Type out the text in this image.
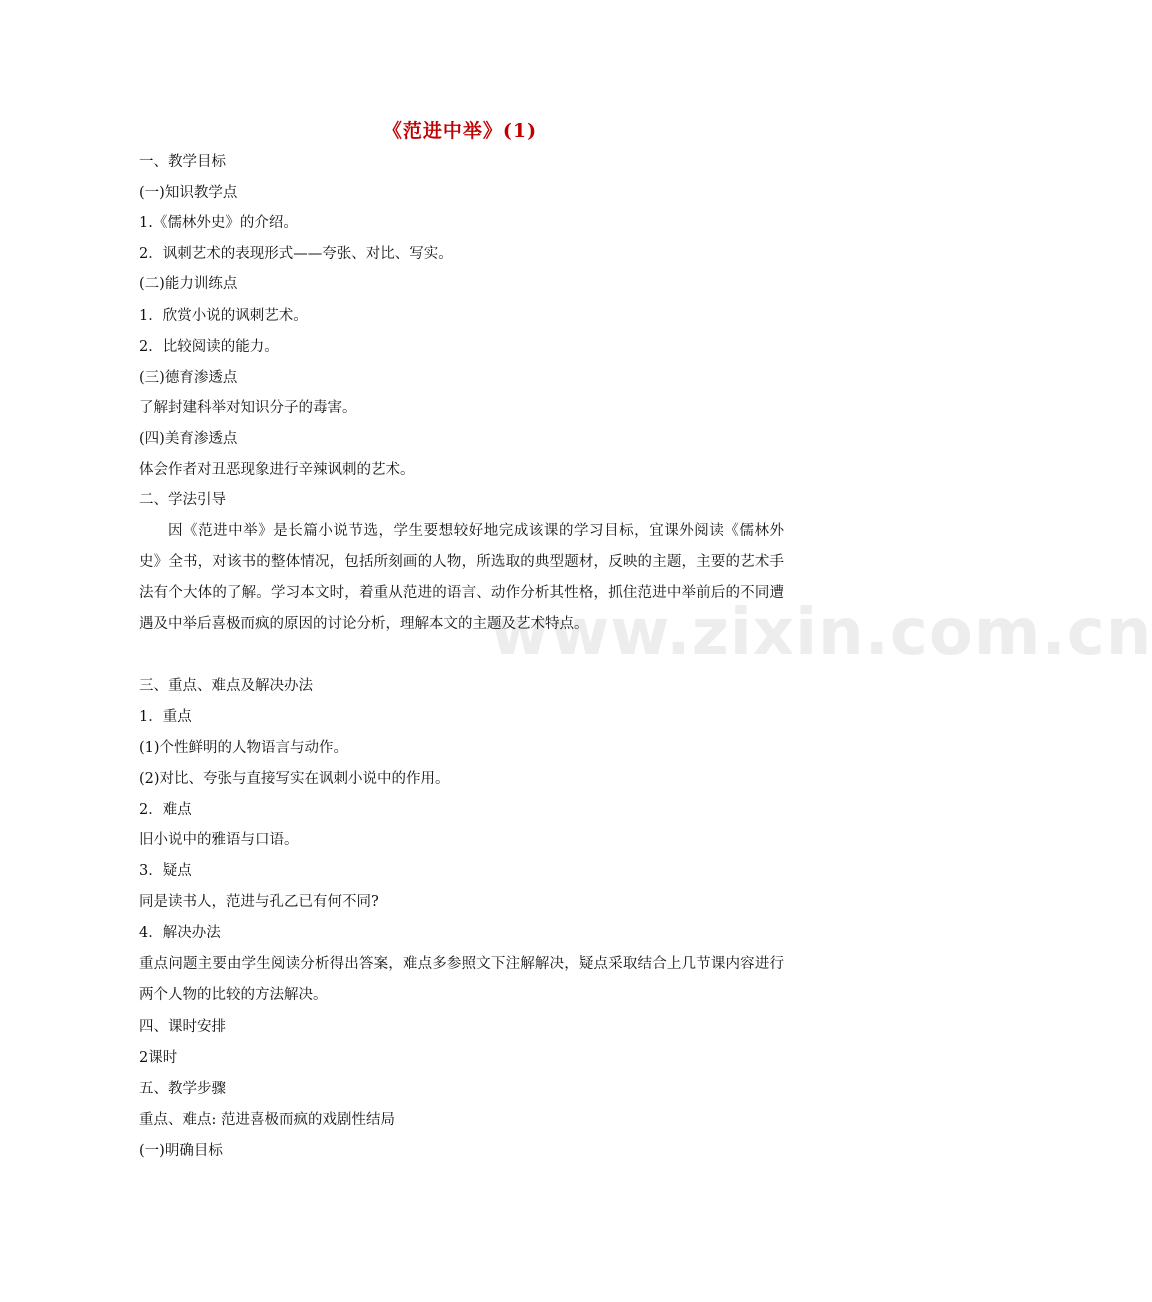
www.zixin.com.cn
《范进中举》(1)
一、教学目标
(一)知识教学点
1.《儒林外史》的介绍。
2．讽刺艺术的表现形式——夸张、对比、写实。
(二)能力训练点
1．欣赏小说的讽刺艺术。
2．比较阅读的能力。
(三)德育渗透点
了解封建科举对知识分子的毒害。
(四)美育渗透点
体会作者对丑恶现象进行辛辣讽刺的艺术。
二、学法引导
因《范进中举》是长篇小说节选，学生要想较好地完成该课的学习目标，宜课外阅读《儒林外史》全书，对该书的整体情况，包括所刻画的人物，所选取的典型题材，反映的主题，主要的艺术手法有个大体的了解。学习本文时，着重从范进的语言、动作分析其性格，抓住范进中举前后的不同遭遇及中举后喜极而疯的原因的讨论分析，理解本文的主题及艺术特点。
三、重点、难点及解决办法
1．重点
(1)个性鲜明的人物语言与动作。
(2)对比、夸张与直接写实在讽刺小说中的作用。
2．难点
旧小说中的雅语与口语。
3．疑点
同是读书人，范进与孔乙已有何不同?
4．解决办法
重点问题主要由学生阅读分析得出答案，难点多参照文下注解解决，疑点采取结合上几节课内容进行两个人物的比较的方法解决。
四、课时安排
2课时
五、教学步骤
重点、难点: 范进喜极而疯的戏剧性结局
(一)明确目标
